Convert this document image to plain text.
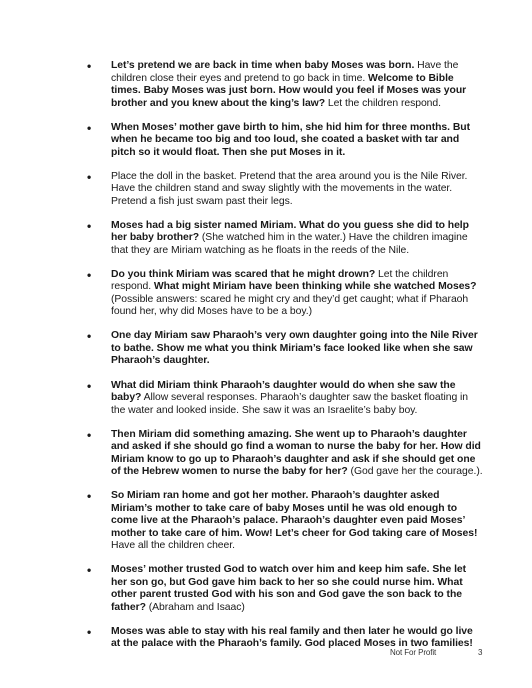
• Let’s pretend we are back in time when baby Moses was born. Have the children close their eyes and pretend to go back in time. Welcome to Bible times. Baby Moses was just born. How would you feel if Moses was your brother and you knew about the king’s law? Let the children respond.
• When Moses’ mother gave birth to him, she hid him for three months. But when he became too big and too loud, she coated a basket with tar and pitch so it would float. Then she put Moses in it.
• Place the doll in the basket. Pretend that the area around you is the Nile River. Have the children stand and sway slightly with the movements in the water. Pretend a fish just swam past their legs.
• Moses had a big sister named Miriam. What do you guess she did to help her baby brother? (She watched him in the water.) Have the children imagine that they are Miriam watching as he floats in the reeds of the Nile.
• Do you think Miriam was scared that he might drown? Let the children respond. What might Miriam have been thinking while she watched Moses? (Possible answers: scared he might cry and they’d get caught; what if Pharaoh found her, why did Moses have to be a boy.)
• One day Miriam saw Pharaoh’s very own daughter going into the Nile River to bathe. Show me what you think Miriam’s face looked like when she saw Pharaoh’s daughter.
• What did Miriam think Pharaoh’s daughter would do when she saw the baby? Allow several responses. Pharaoh’s daughter saw the basket floating in the water and looked inside. She saw it was an Israelite’s baby boy.
• Then Miriam did something amazing. She went up to Pharaoh’s daughter and asked if she should go find a woman to nurse the baby for her. How did Miriam know to go up to Pharaoh’s daughter and ask if she should get one of the Hebrew women to nurse the baby for her? (God gave her the courage.).
• So Miriam ran home and got her mother. Pharaoh’s daughter asked Miriam’s mother to take care of baby Moses until he was old enough to come live at the Pharaoh’s palace. Pharaoh’s daughter even paid Moses’ mother to take care of him. Wow! Let’s cheer for God taking care of Moses! Have all the children cheer.
• Moses’ mother trusted God to watch over him and keep him safe. She let her son go, but God gave him back to her so she could nurse him. What other parent trusted God with his son and God gave the son back to the father? (Abraham and Isaac)
• Moses was able to stay with his real family and then later he would go live at the palace with the Pharaoh’s family. God placed Moses in two families!
Not For Profit	3
